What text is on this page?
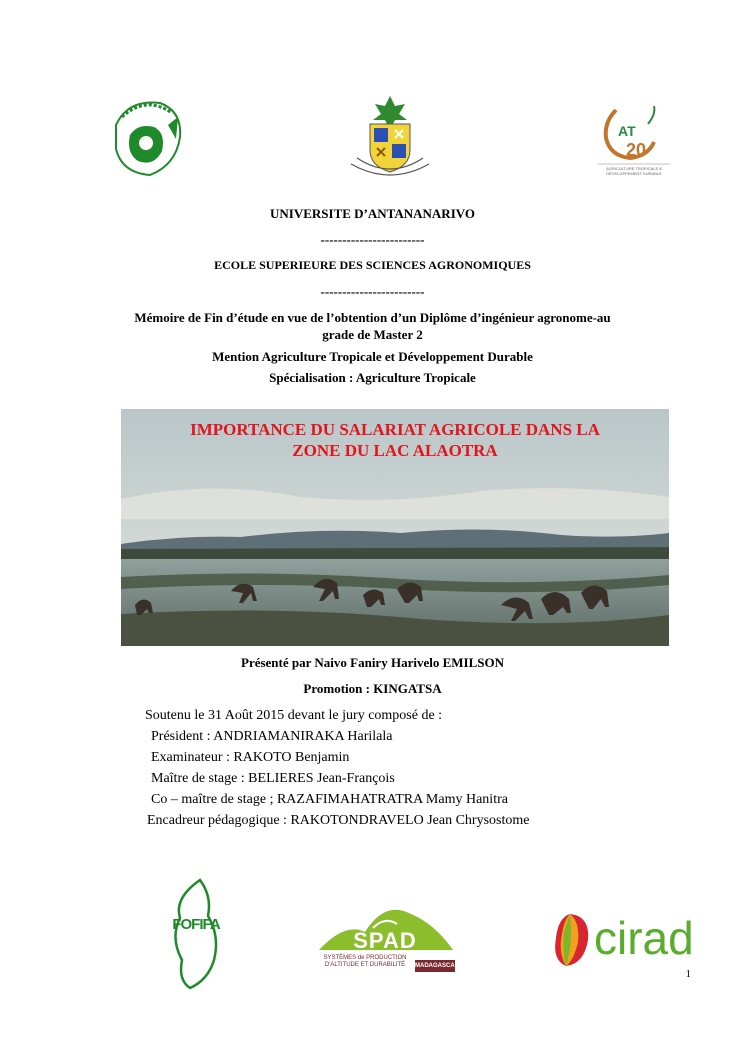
AT
20
AGRICULTURE TROPICALE & DÉVELOPPEMENT DURABLE
UNIVERSITE D’ANTANANARIVO
------------------------
ECOLE SUPERIEURE DES SCIENCES AGRONOMIQUES
------------------------
Mémoire de Fin d’étude en vue de l’obtention d’un Diplôme d’ingénieur agronome-au
grade de Master 2
Mention Agriculture Tropicale et Développement Durable
Spécialisation : Agriculture Tropicale
IMPORTANCE DU SALARIAT AGRICOLE DANS LA
ZONE DU LAC ALAOTRA
Présenté par Naivo Faniry Harivelo EMILSON
Promotion : KINGATSA
Soutenu le 31 Août 2015 devant le jury composé de :
Président : ANDRIAMANIRAKA Harilala
Examinateur : RAKOTO Benjamin
Maître de stage : BELIERES Jean-François
Co – maître de stage ; RAZAFIMAHATRATRA Mamy Hanitra
Encadreur pédagogique : RAKOTONDRAVELO Jean Chrysostome
FOFIFA
SPAD
SYSTÈMES de PRODUCTION D'ALTITUDE ET DURABILITÉ	MADAGASCAR
cirad
1
